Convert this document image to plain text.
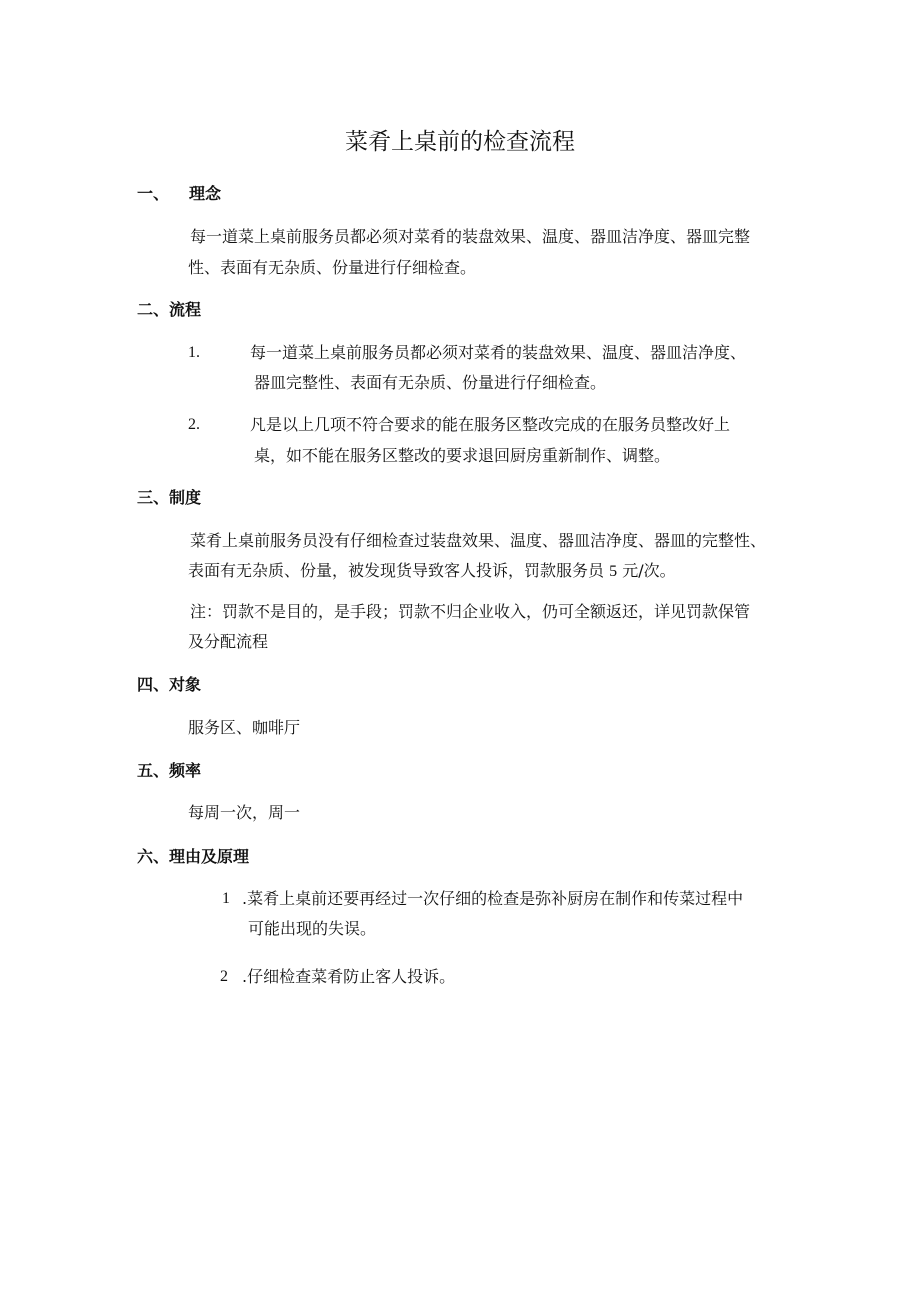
菜肴上桌前的检查流程
一、 理念
每一道菜上桌前服务员都必须对菜肴的装盘效果、温度、器皿洁净度、器皿完整
性、表面有无杂质、份量进行仔细检查。
二、流程
1.	每一道菜上桌前服务员都必须对菜肴的装盘效果、温度、器皿洁净度、
器皿完整性、表面有无杂质、份量进行仔细检查。
2.	凡是以上几项不符合要求的能在服务区整改完成的在服务员整改好上
桌，如不能在服务区整改的要求退回厨房重新制作、调整。
三、制度
菜肴上桌前服务员没有仔细检查过装盘效果、温度、器皿洁净度、器皿的完整性、
表面有无杂质、份量，被发现货导致客人投诉，罚款服务员 5 元/次。
注：罚款不是目的，是手段；罚款不归企业收入，仍可全额返还，详见罚款保管
及分配流程
四、对象
服务区、咖啡厅
五、频率
每周一次，周一
六、理由及原理
1 .菜肴上桌前还要再经过一次仔细的检查是弥补厨房在制作和传菜过程中
可能出现的失误。
2 .仔细检查菜肴防止客人投诉。
